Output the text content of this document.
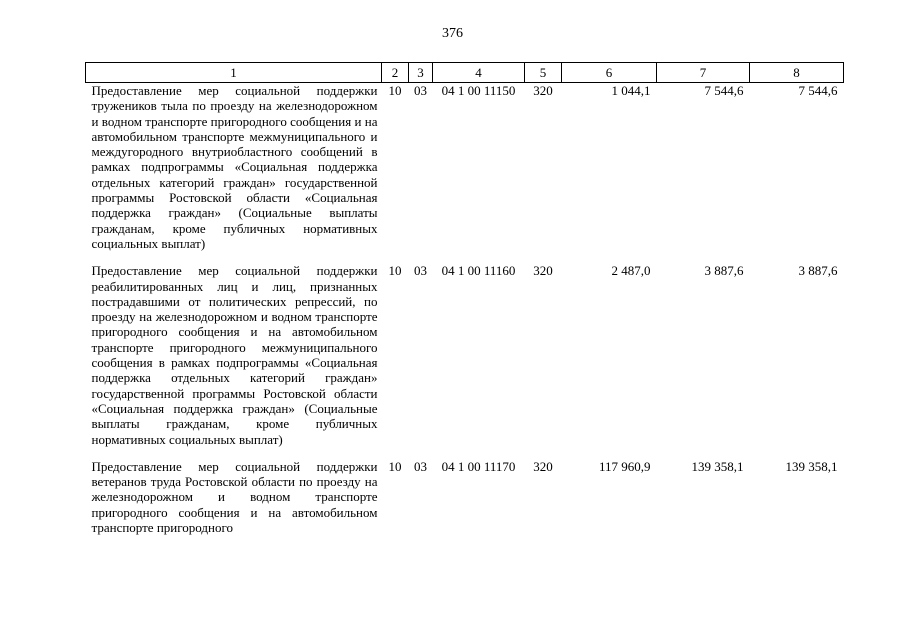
376
1	2	3	4	5	6	7	8
Предоставление мер социальной поддержки тружеников тыла по проезду на железнодорожном и водном транспорте пригородного сообщения и на автомобильном транспорте межмуниципального и междугородного внутриобластного сообщений в рамках подпрограммы «Социальная поддержка отдельных категорий граждан» государственной программы Ростовской области «Социальная поддержка граждан» (Социальные выплаты гражданам, кроме публичных нормативных социальных выплат)	10	03	04 1 00 11150	320	1 044,1	7 544,6	7 544,6
Предоставление мер социальной поддержки реабилитированных лиц и лиц, признанных пострадавшими от политических репрессий, по проезду на железнодорожном и водном транспорте пригородного сообщения и на автомобильном транспорте пригородного межмуниципального сообщения в рамках подпрограммы «Социальная поддержка отдельных категорий граждан» государственной программы Ростовской области «Социальная поддержка граждан» (Социальные выплаты гражданам, кроме публичных нормативных социальных выплат)	10	03	04 1 00 11160	320	2 487,0	3 887,6	3 887,6
Предоставление мер социальной поддержки ветеранов труда Ростовской области по проезду на железнодорожном и водном транспорте пригородного сообщения и на автомобильном транспорте пригородного	10	03	04 1 00 11170	320	117 960,9	139 358,1	139 358,1
